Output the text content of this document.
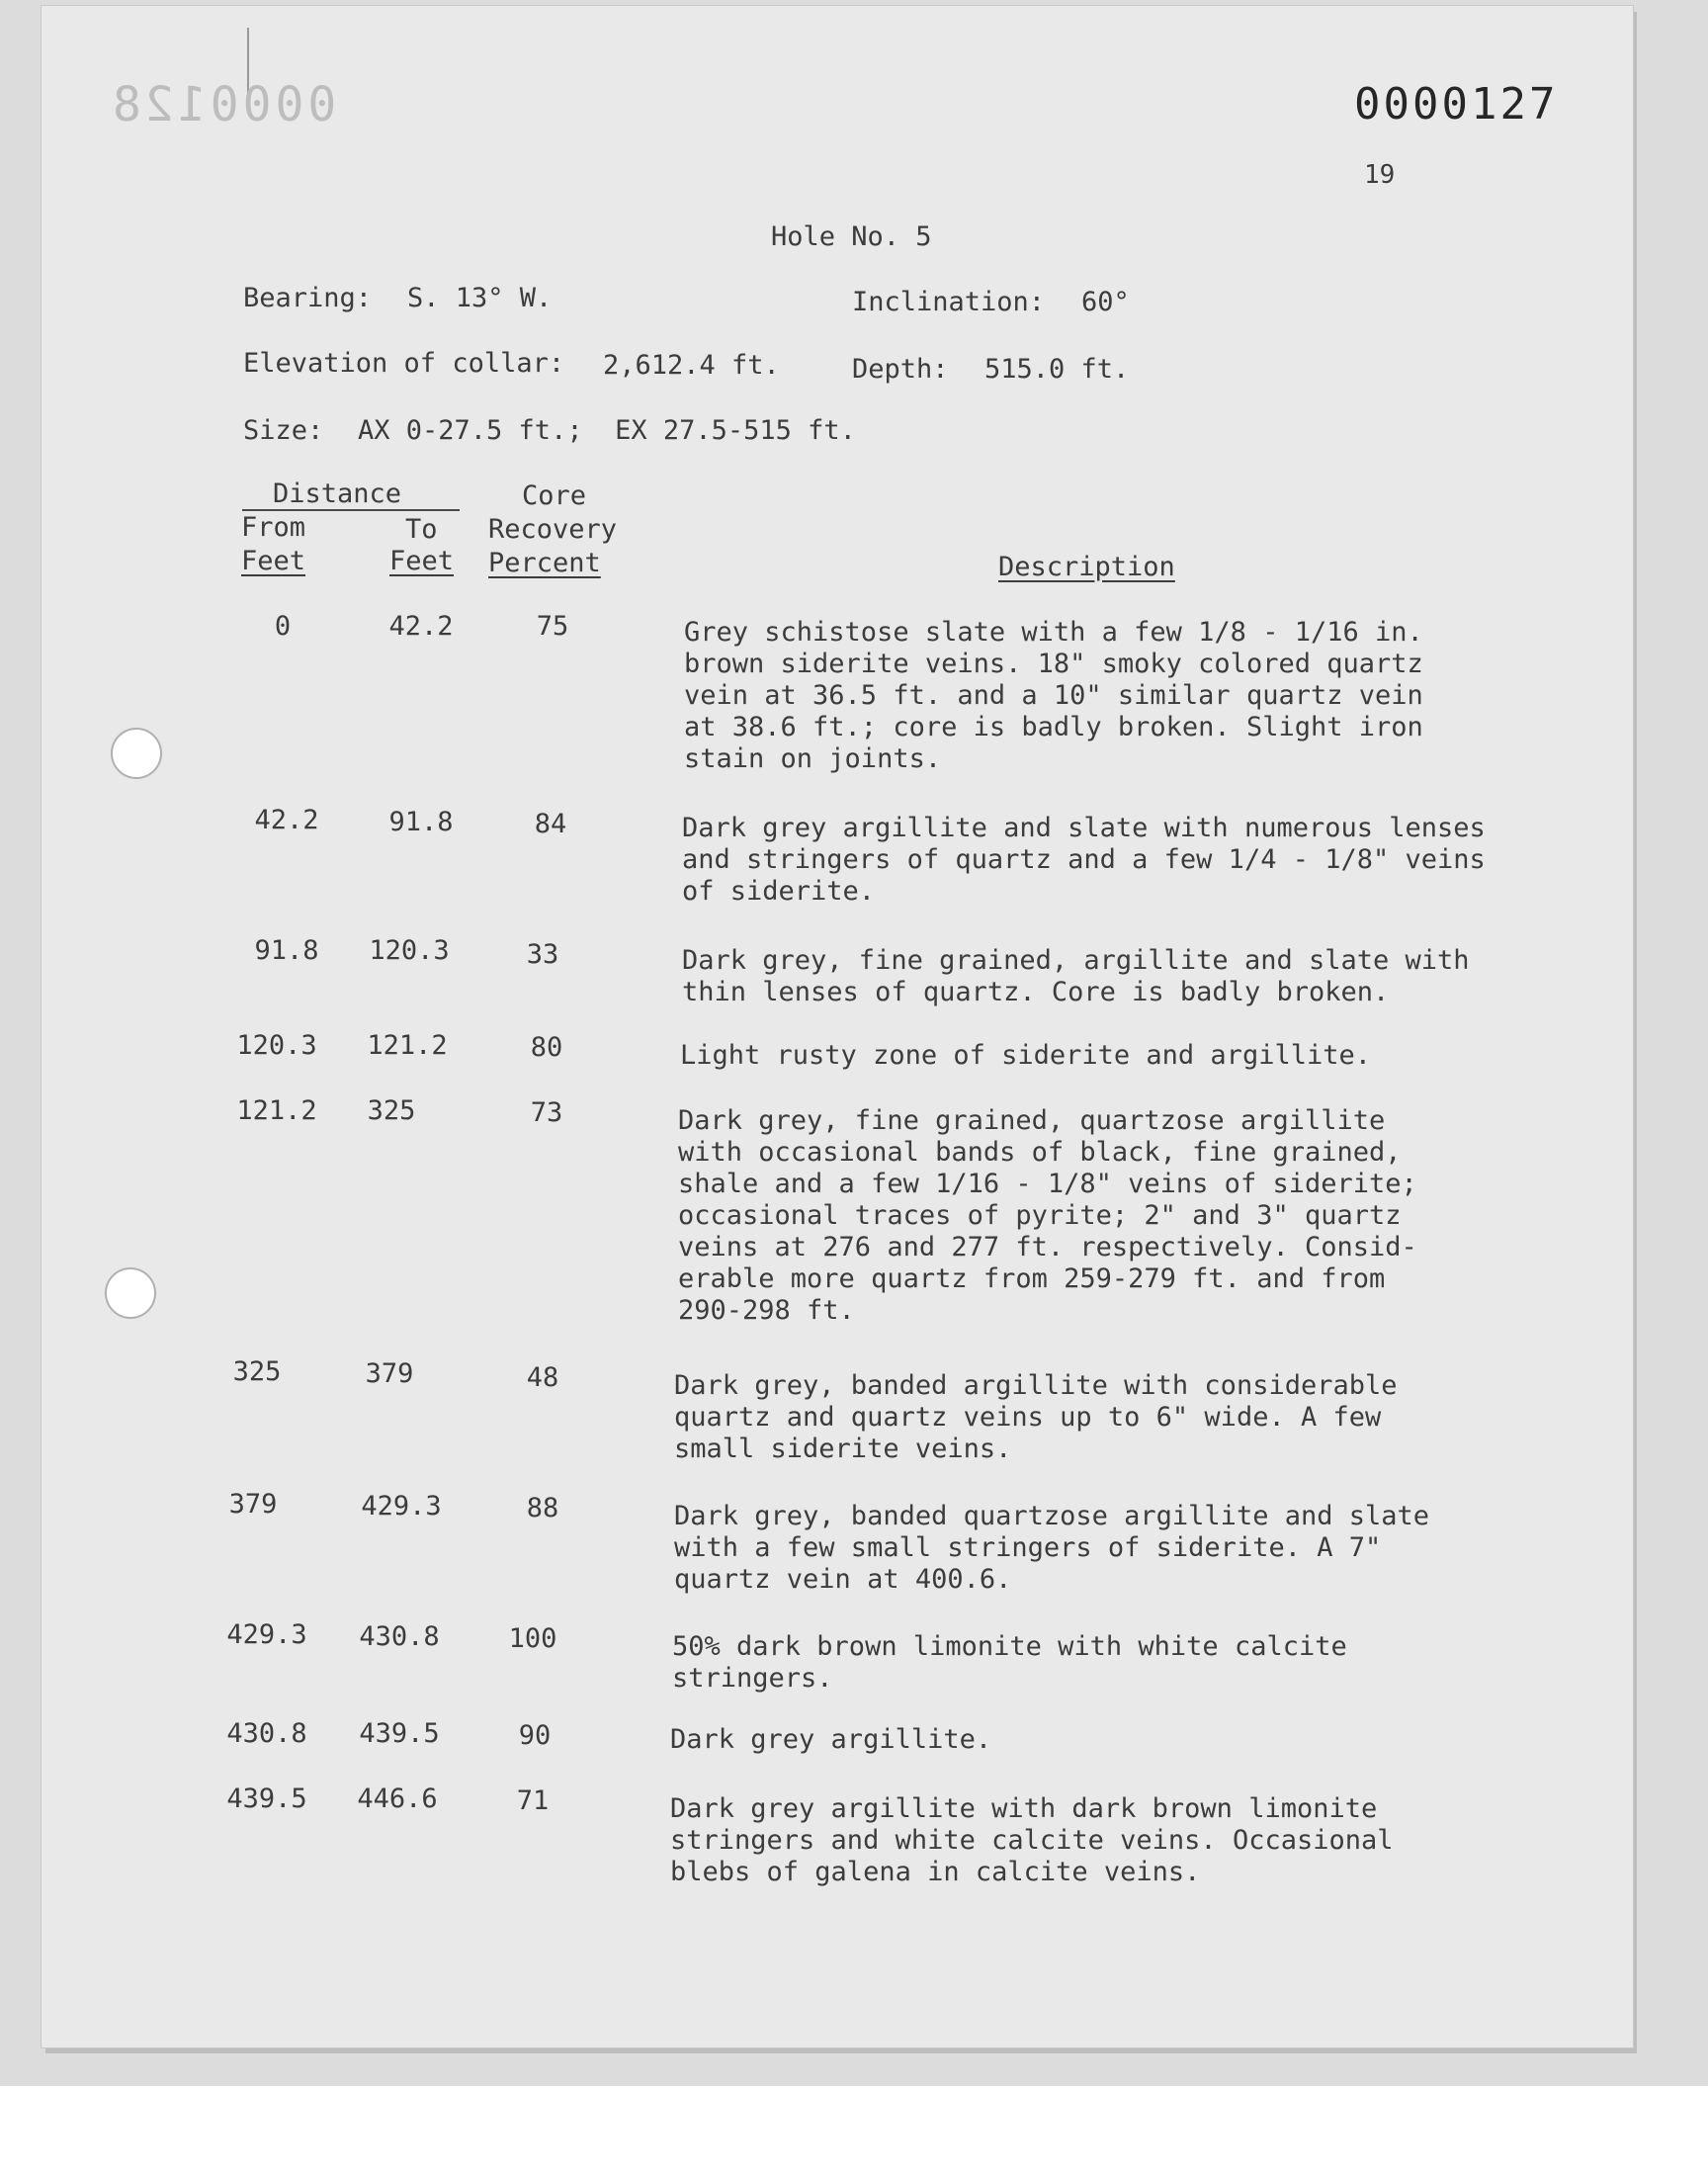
0000128	0000127
19
Hole No. 5
Bearing: S. 13° W.	Inclination: 60°
Elevation of collar: 2,612.4 ft.	Depth: 515.0 ft.
Size: AX 0-27.5 ft.;  EX 27.5-515 ft.
Distance	Core
From	To Recovery
Feet	Feet Percent	Description
0	42.2	75	Grey schistose slate with a few 1/8 - 1/16 in.
brown siderite veins. 18" smoky colored quartz
vein at 36.5 ft. and a 10" similar quartz vein
at 38.6 ft.; core is badly broken. Slight iron
stain on joints.
42.2	91.8	84	Dark grey argillite and slate with numerous lenses
and stringers of quartz and a few 1/4 - 1/8" veins
of siderite.
91.8	120.3	33	Dark grey, fine grained, argillite and slate with
thin lenses of quartz. Core is badly broken.
120.3	121.2	80	Light rusty zone of siderite and argillite.
121.2	325	73	Dark grey, fine grained, quartzose argillite
with occasional bands of black, fine grained,
shale and a few 1/16 - 1/8" veins of siderite;
occasional traces of pyrite; 2" and 3" quartz
veins at 276 and 277 ft. respectively. Consid-
erable more quartz from 259-279 ft. and from
290-298 ft.
325	379	48	Dark grey, banded argillite with considerable
quartz and quartz veins up to 6" wide. A few
small siderite veins.
379	429.3	88	Dark grey, banded quartzose argillite and slate
with a few small stringers of siderite. A 7"
quartz vein at 400.6.
429.3	430.8	100	50% dark brown limonite with white calcite
stringers.
430.8	439.5	90	Dark grey argillite.
439.5	446.6	71	Dark grey argillite with dark brown limonite
stringers and white calcite veins. Occasional
blebs of galena in calcite veins.
